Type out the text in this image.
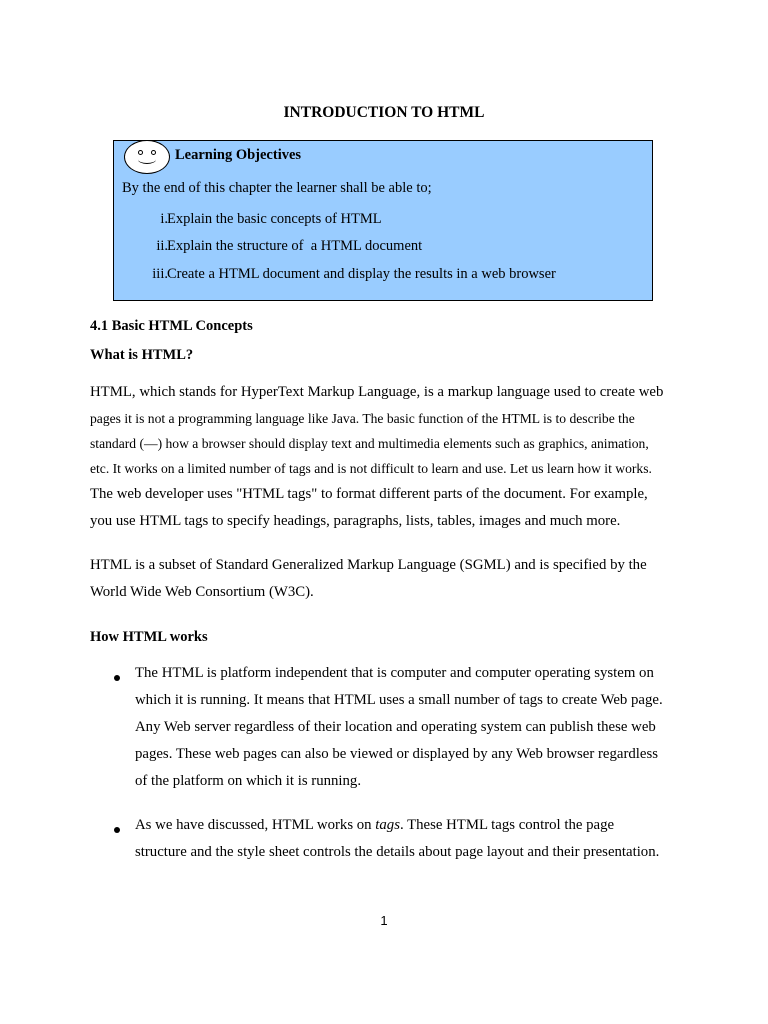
INTRODUCTION TO HTML
Learning Objectives
By the end of this chapter the learner shall be able to;
i. Explain the basic concepts of HTML
ii. Explain the structure of  a HTML document
iii. Create a HTML document and display the results in a web browser
4.1 Basic HTML Concepts
What is HTML?
HTML, which stands for HyperText Markup Language, is a markup language used to create web
pages it is not a programming language like Java. The basic function of the HTML is to describe the
standard (—) how a browser should display text and multimedia elements such as graphics, animation,
etc. It works on a limited number of tags and is not difficult to learn and use. Let us learn how it works.
The web developer uses "HTML tags" to format different parts of the document. For example,
you use HTML tags to specify headings, paragraphs, lists, tables, images and much more.
HTML is a subset of Standard Generalized Markup Language (SGML) and is specified by the
World Wide Web Consortium (W3C).
How HTML works
The HTML is platform independent that is computer and computer operating system on
which it is running. It means that HTML uses a small number of tags to create Web page.
Any Web server regardless of their location and operating system can publish these web
pages. These web pages can also be viewed or displayed by any Web browser regardless
of the platform on which it is running.
As we have discussed, HTML works on tags. These HTML tags control the page
structure and the style sheet controls the details about page layout and their presentation.
1
